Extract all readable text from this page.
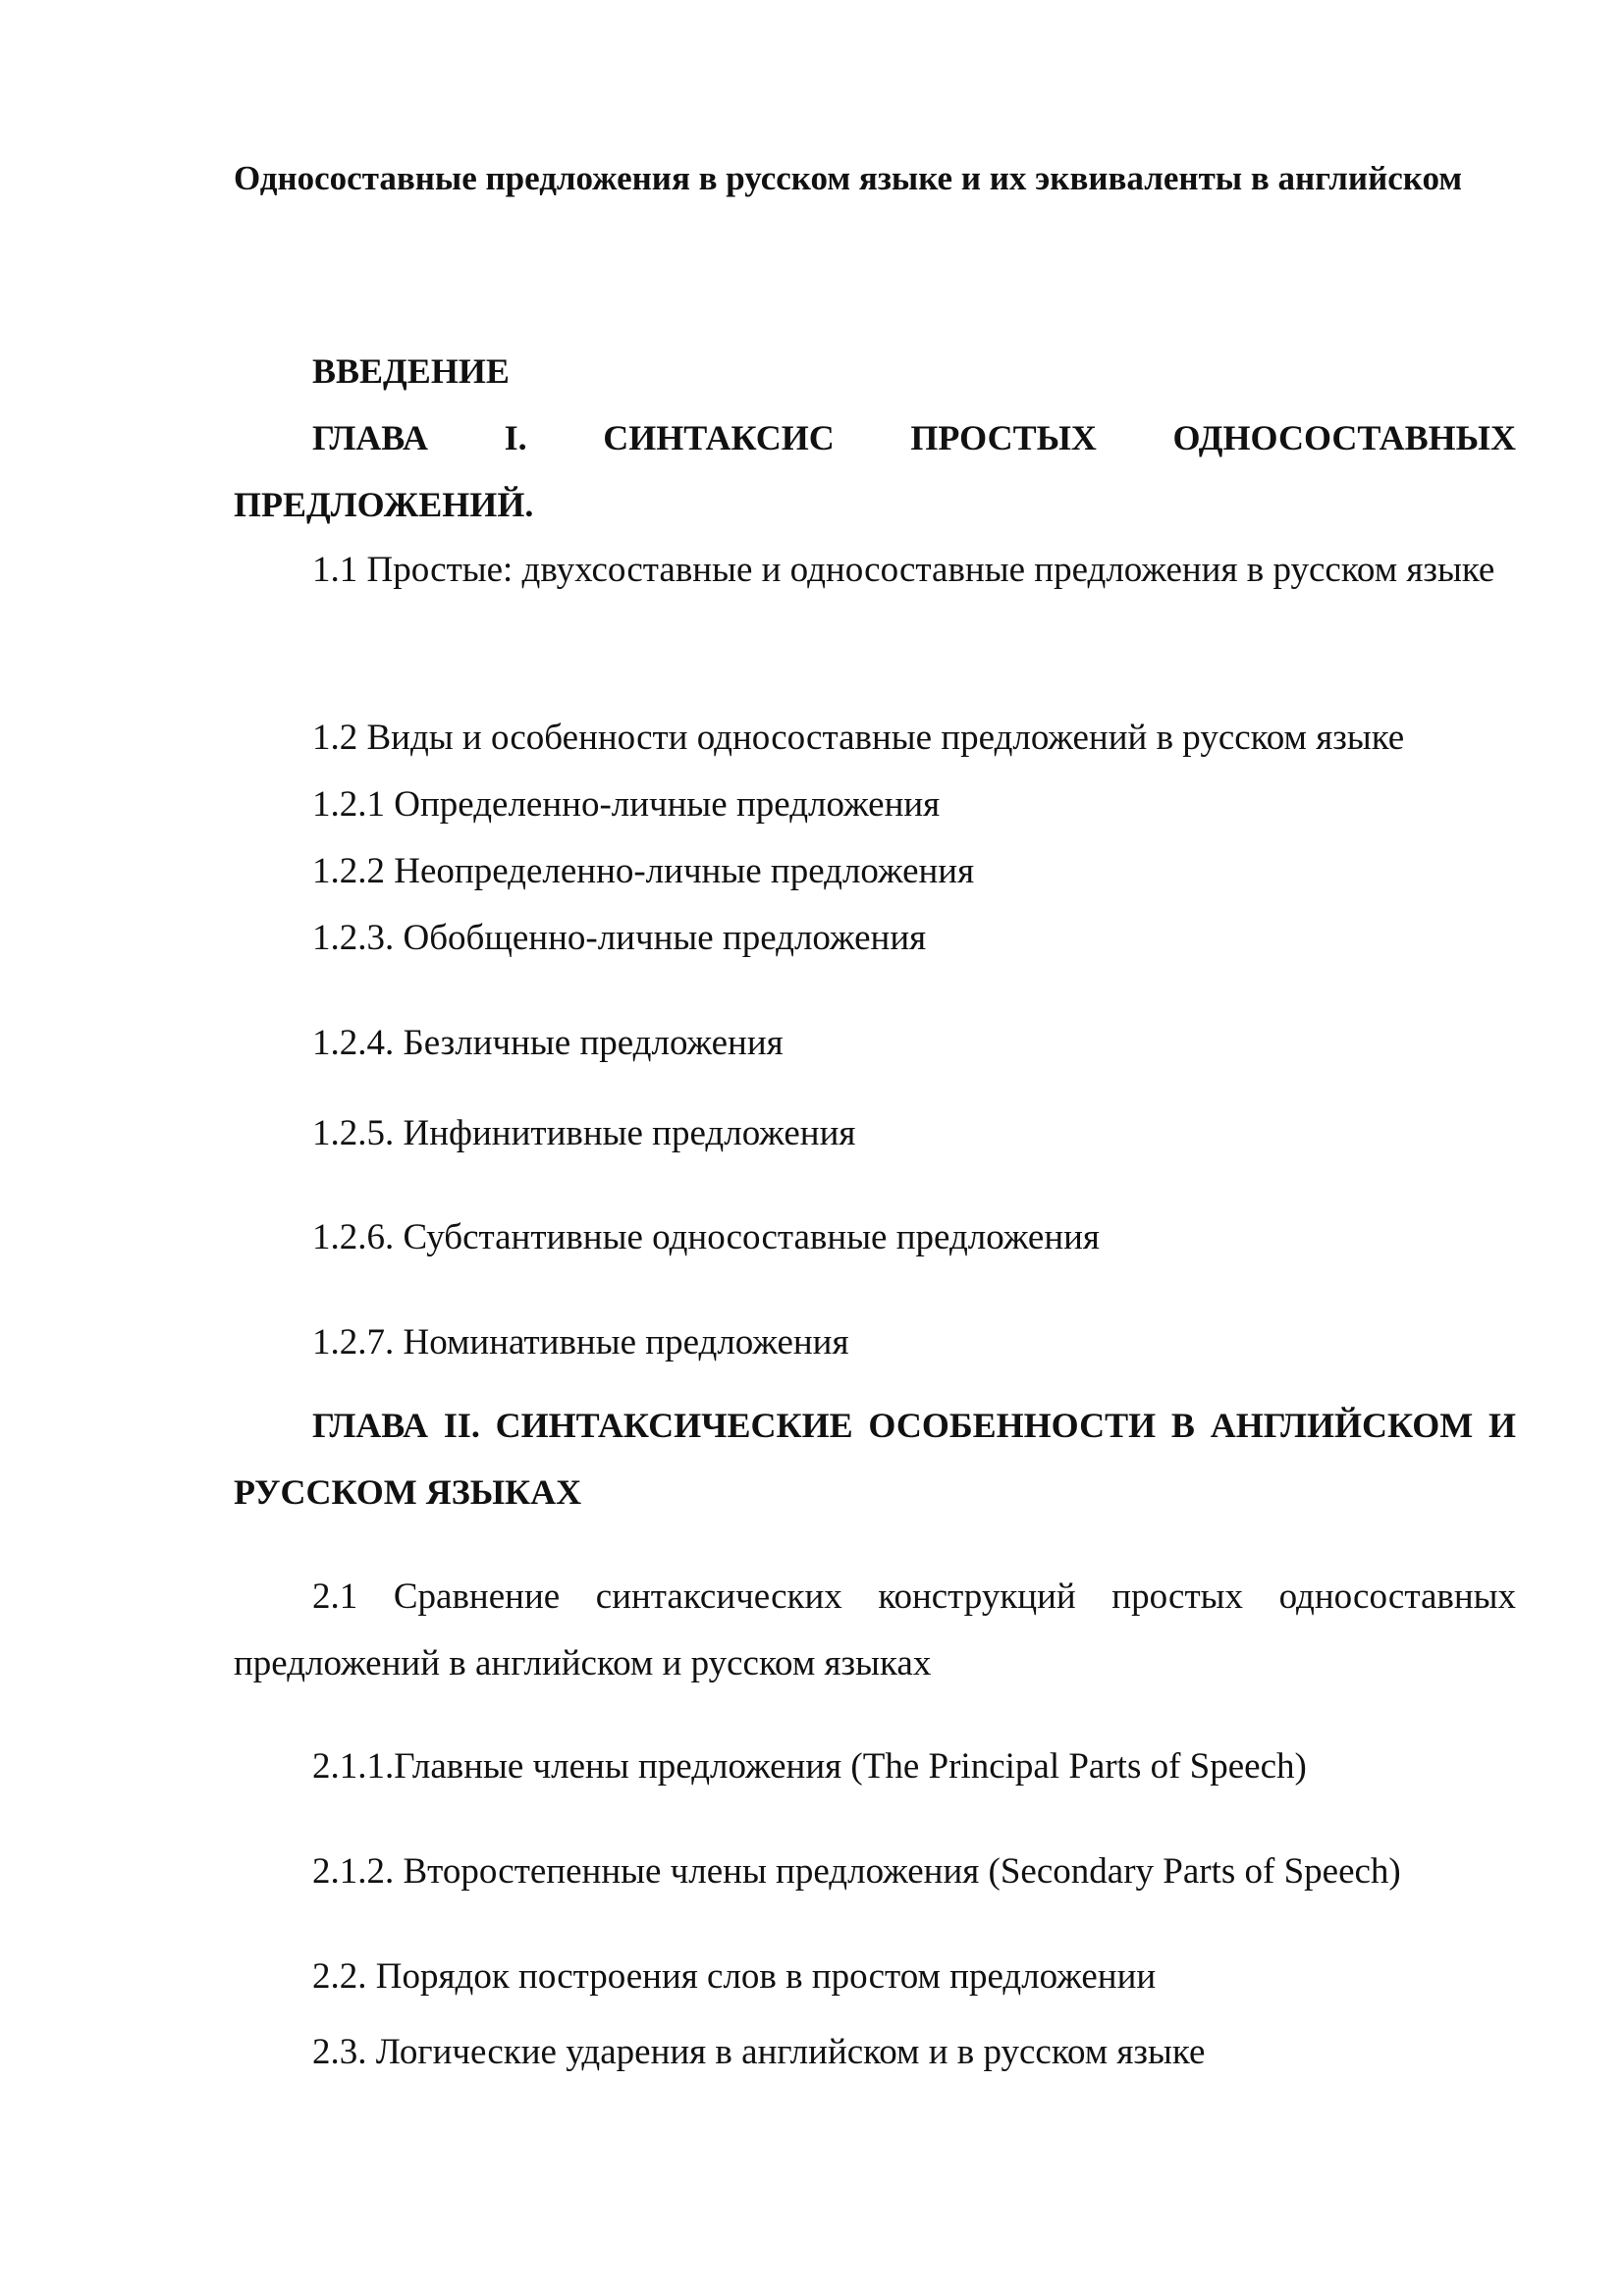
Односоставные предложения в русском языке и их эквиваленты в английском

ВВЕДЕНИЕ

ГЛАВА I. СИНТАКСИС ПРОСТЫХ ОДНОСОСТАВНЫХ ПРЕДЛОЖЕНИЙ.

1.1 Простые: двухсоставные и односоставные предложения в русском языке

1.2 Виды и особенности односоставные предложений в русском языке

1.2.1 Определенно-личные предложения

1.2.2 Неопределенно-личные предложения

1.2.3. Обобщенно-личные предложения

1.2.4. Безличные предложения

1.2.5. Инфинитивные предложения

1.2.6. Субстантивные односоставные предложения

1.2.7. Номинативные предложения

ГЛАВА II. СИНТАКСИЧЕСКИЕ ОСОБЕННОСТИ В АНГЛИЙСКОМ И РУССКОМ ЯЗЫКАХ

2.1 Сравнение синтаксических конструкций простых односоставных предложений в английском и русском языках

2.1.1.Главные члены предложения (The Principal Parts of Speech)

2.1.2. Второстепенные члены предложения (Secondary Parts of Speech)

2.2. Порядок построения слов в простом предложении

2.3. Логические ударения в английском и в русском языке
